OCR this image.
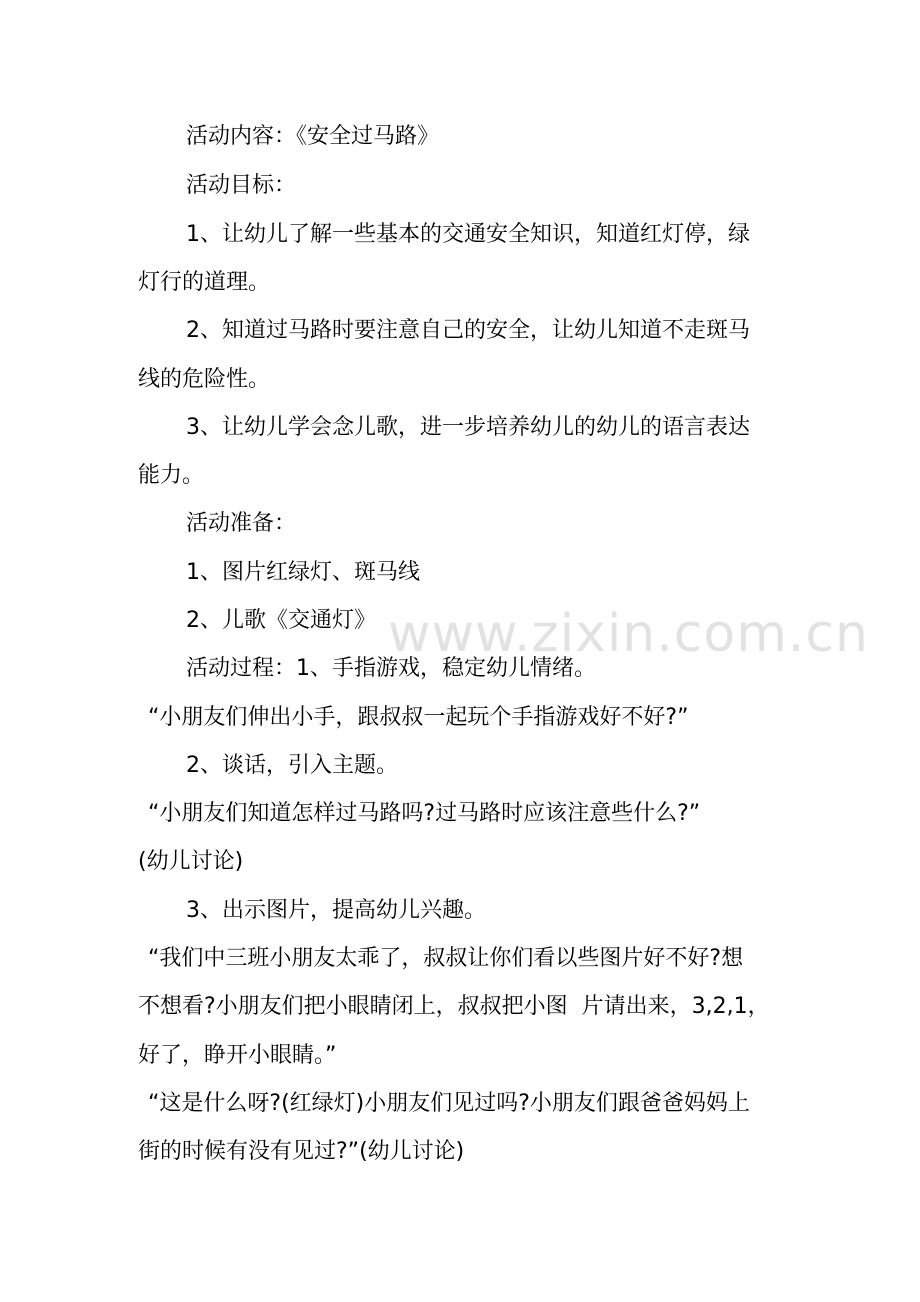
活动内容：《安全过马路》
活动目标：
1、让幼儿了解一些基本的交通安全知识，知道红灯停，绿
灯行的道理。
2、知道过马路时要注意自己的安全，让幼儿知道不走斑马
线的危险性。
3、让幼儿学会念儿歌，进一步培养幼儿的幼儿的语言表达
能力。
活动准备：
1、图片红绿灯、斑马线
2、儿歌《交通灯》
活动过程：1、手指游戏，稳定幼儿情绪。
“小朋友们伸出小手，跟叔叔一起玩个手指游戏好不好?”
2、谈话，引入主题。
“小朋友们知道怎样过马路吗?过马路时应该注意些什么?”
(幼儿讨论)
3、出示图片，提高幼儿兴趣。
“我们中三班小朋友太乖了，叔叔让你们看以些图片好不好?想
不想看?小朋友们把小眼睛闭上，叔叔把小图  片请出来，3,2,1，
好了，睁开小眼睛。”
“这是什么呀?(红绿灯)小朋友们见过吗?小朋友们跟爸爸妈妈上
街的时候有没有见过?”(幼儿讨论)
www.zixin.com.cn
